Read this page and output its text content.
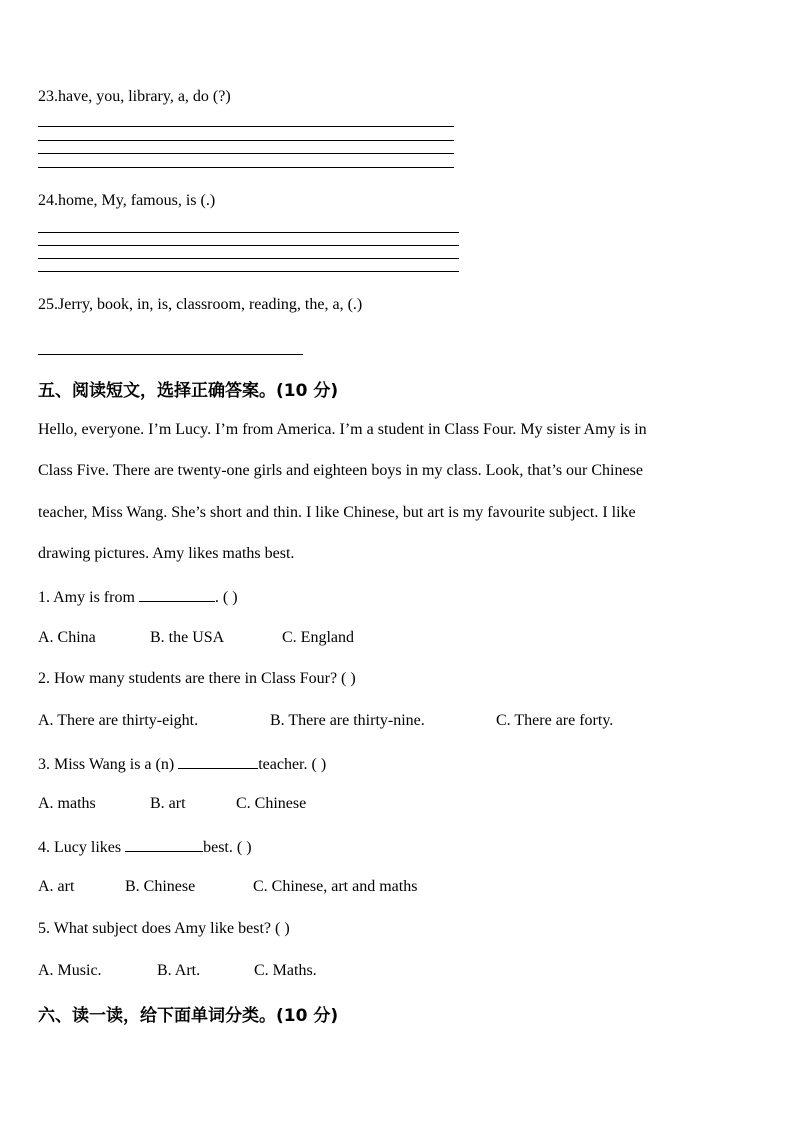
23.have, you, library, a, do (?)
24.home, My, famous, is (.)
25.Jerry, book, in, is, classroom, reading, the, a, (.)
五、阅读短文，选择正确答案。(10 分)
Hello, everyone. I’m Lucy. I’m from America. I’m a student in Class Four. My sister Amy is in
Class Five. There are twenty-one girls and eighteen boys in my class. Look, that’s our Chinese
teacher, Miss Wang. She’s short and thin. I like Chinese, but art is my favourite subject. I like
drawing pictures. Amy likes maths best.
1. Amy is from	. ( )
A. China	B. the USA	C. England
2. How many students are there in Class Four? ( )
A. There are thirty-eight.	B. There are thirty-nine.	C. There are forty.
3. Miss Wang is a (n)	teacher. ( )
A. maths	B. art	C. Chinese
4. Lucy likes	best. ( )
A. art	B. Chinese	C. Chinese, art and maths
5. What subject does Amy like best? ( )
A. Music.	B. Art.	C. Maths.
六、读一读，给下面单词分类。(10 分)
